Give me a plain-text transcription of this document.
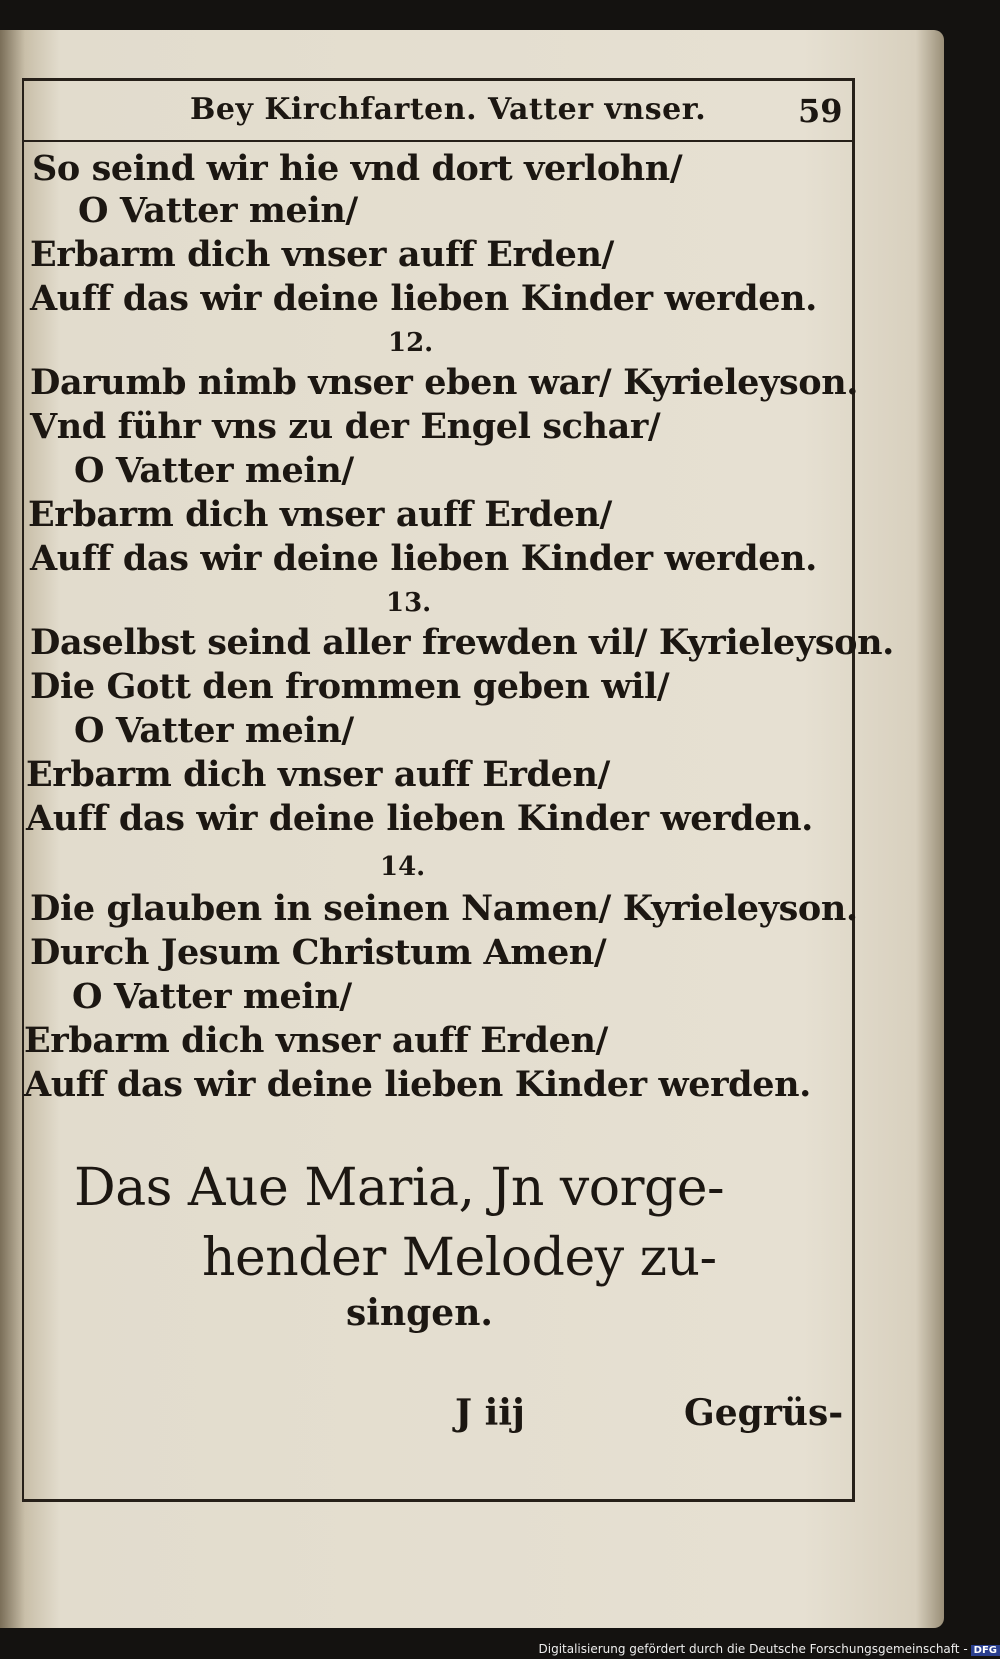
Bey Kirchfarten. Vatter vnser.	59
So seind wir hie vnd dort verlohn/
O Vatter mein/
Erbarm dich vnser auff Erden/
Auff das wir deine lieben Kinder werden.
12.
Darumb nimb vnser eben war/ Kyrieleyson.
Vnd führ vns zu der Engel schar/
O Vatter mein/
Erbarm dich vnser auff Erden/
Auff das wir deine lieben Kinder werden.
13.
Daselbst seind aller frewden vil/ Kyrieleyson.
Die Gott den frommen geben wil/
O Vatter mein/
Erbarm dich vnser auff Erden/
Auff das wir deine lieben Kinder werden.
14.
Die glauben in seinen Namen/ Kyrieleyson.
Durch Jesum Christum Amen/
O Vatter mein/
Erbarm dich vnser auff Erden/
Auff das wir deine lieben Kinder werden.
Das Aue Maria, Jn vorge-
hender Melodey zu-
singen.
J iij	Gegrüs-
Digitalisierung gefördert durch die Deutsche Forschungsgemeinschaft - DFG
